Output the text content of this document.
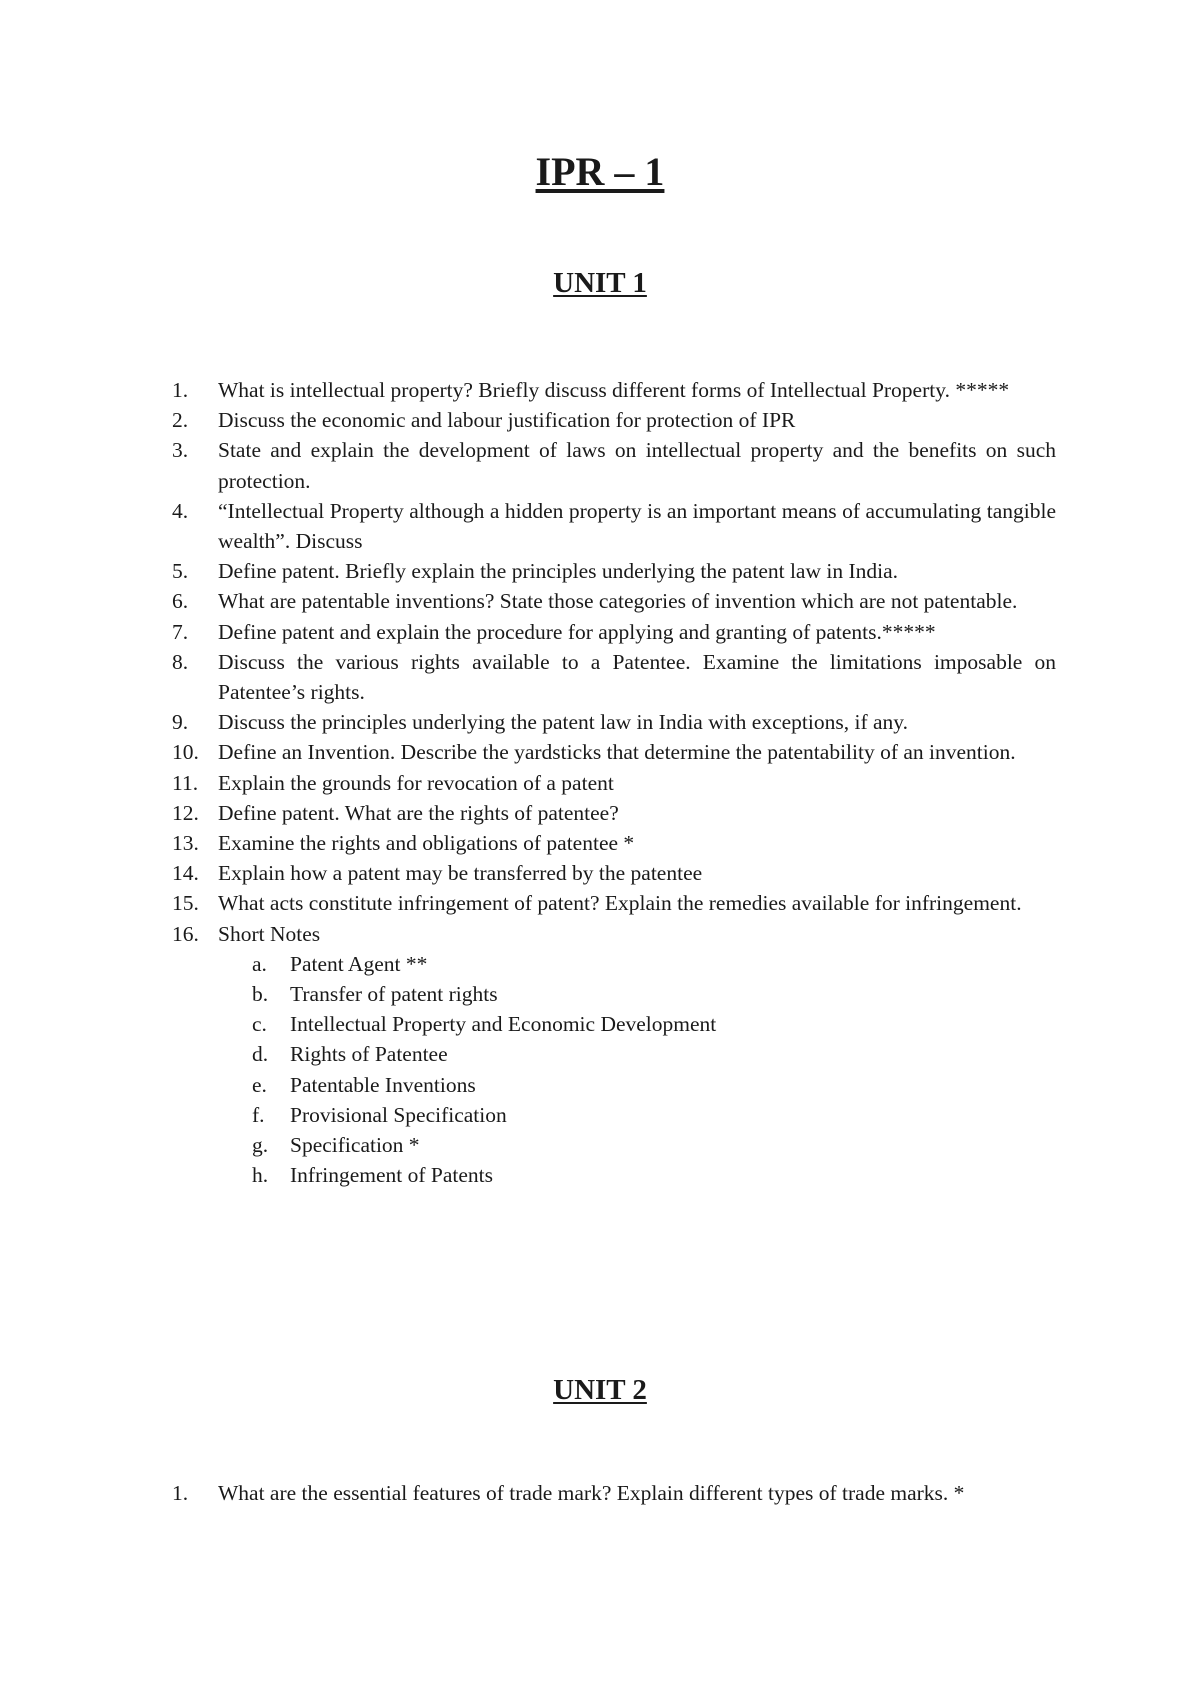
IPR – 1
UNIT 1
1. What is intellectual property? Briefly discuss different forms of Intellectual Property. *****
2. Discuss the economic and labour justification for protection of IPR
3. State and explain the development of laws on intellectual property and the benefits on such protection.
4. “Intellectual Property although a hidden property is an important means of accumulating tangible wealth”. Discuss
5. Define patent. Briefly explain the principles underlying the patent law in India.
6. What are patentable inventions? State those categories of invention which are not patentable.
7. Define patent and explain the procedure for applying and granting of patents.*****
8. Discuss the various rights available to a Patentee. Examine the limitations imposable on Patentee’s rights.
9. Discuss the principles underlying the patent law in India with exceptions, if any.
10. Define an Invention. Describe the yardsticks that determine the patentability of an invention.
11. Explain the grounds for revocation of a patent
12. Define patent. What are the rights of patentee?
13. Examine the rights and obligations of patentee *
14. Explain how a patent may be transferred by the patentee
15. What acts constitute infringement of patent? Explain the remedies available for infringement.
16. Short Notes
a. Patent Agent **
b. Transfer of patent rights
c. Intellectual Property and Economic Development
d. Rights of Patentee
e. Patentable Inventions
f. Provisional Specification
g. Specification *
h. Infringement of Patents
UNIT 2
1. What are the essential features of trade mark? Explain different types of trade marks. *
